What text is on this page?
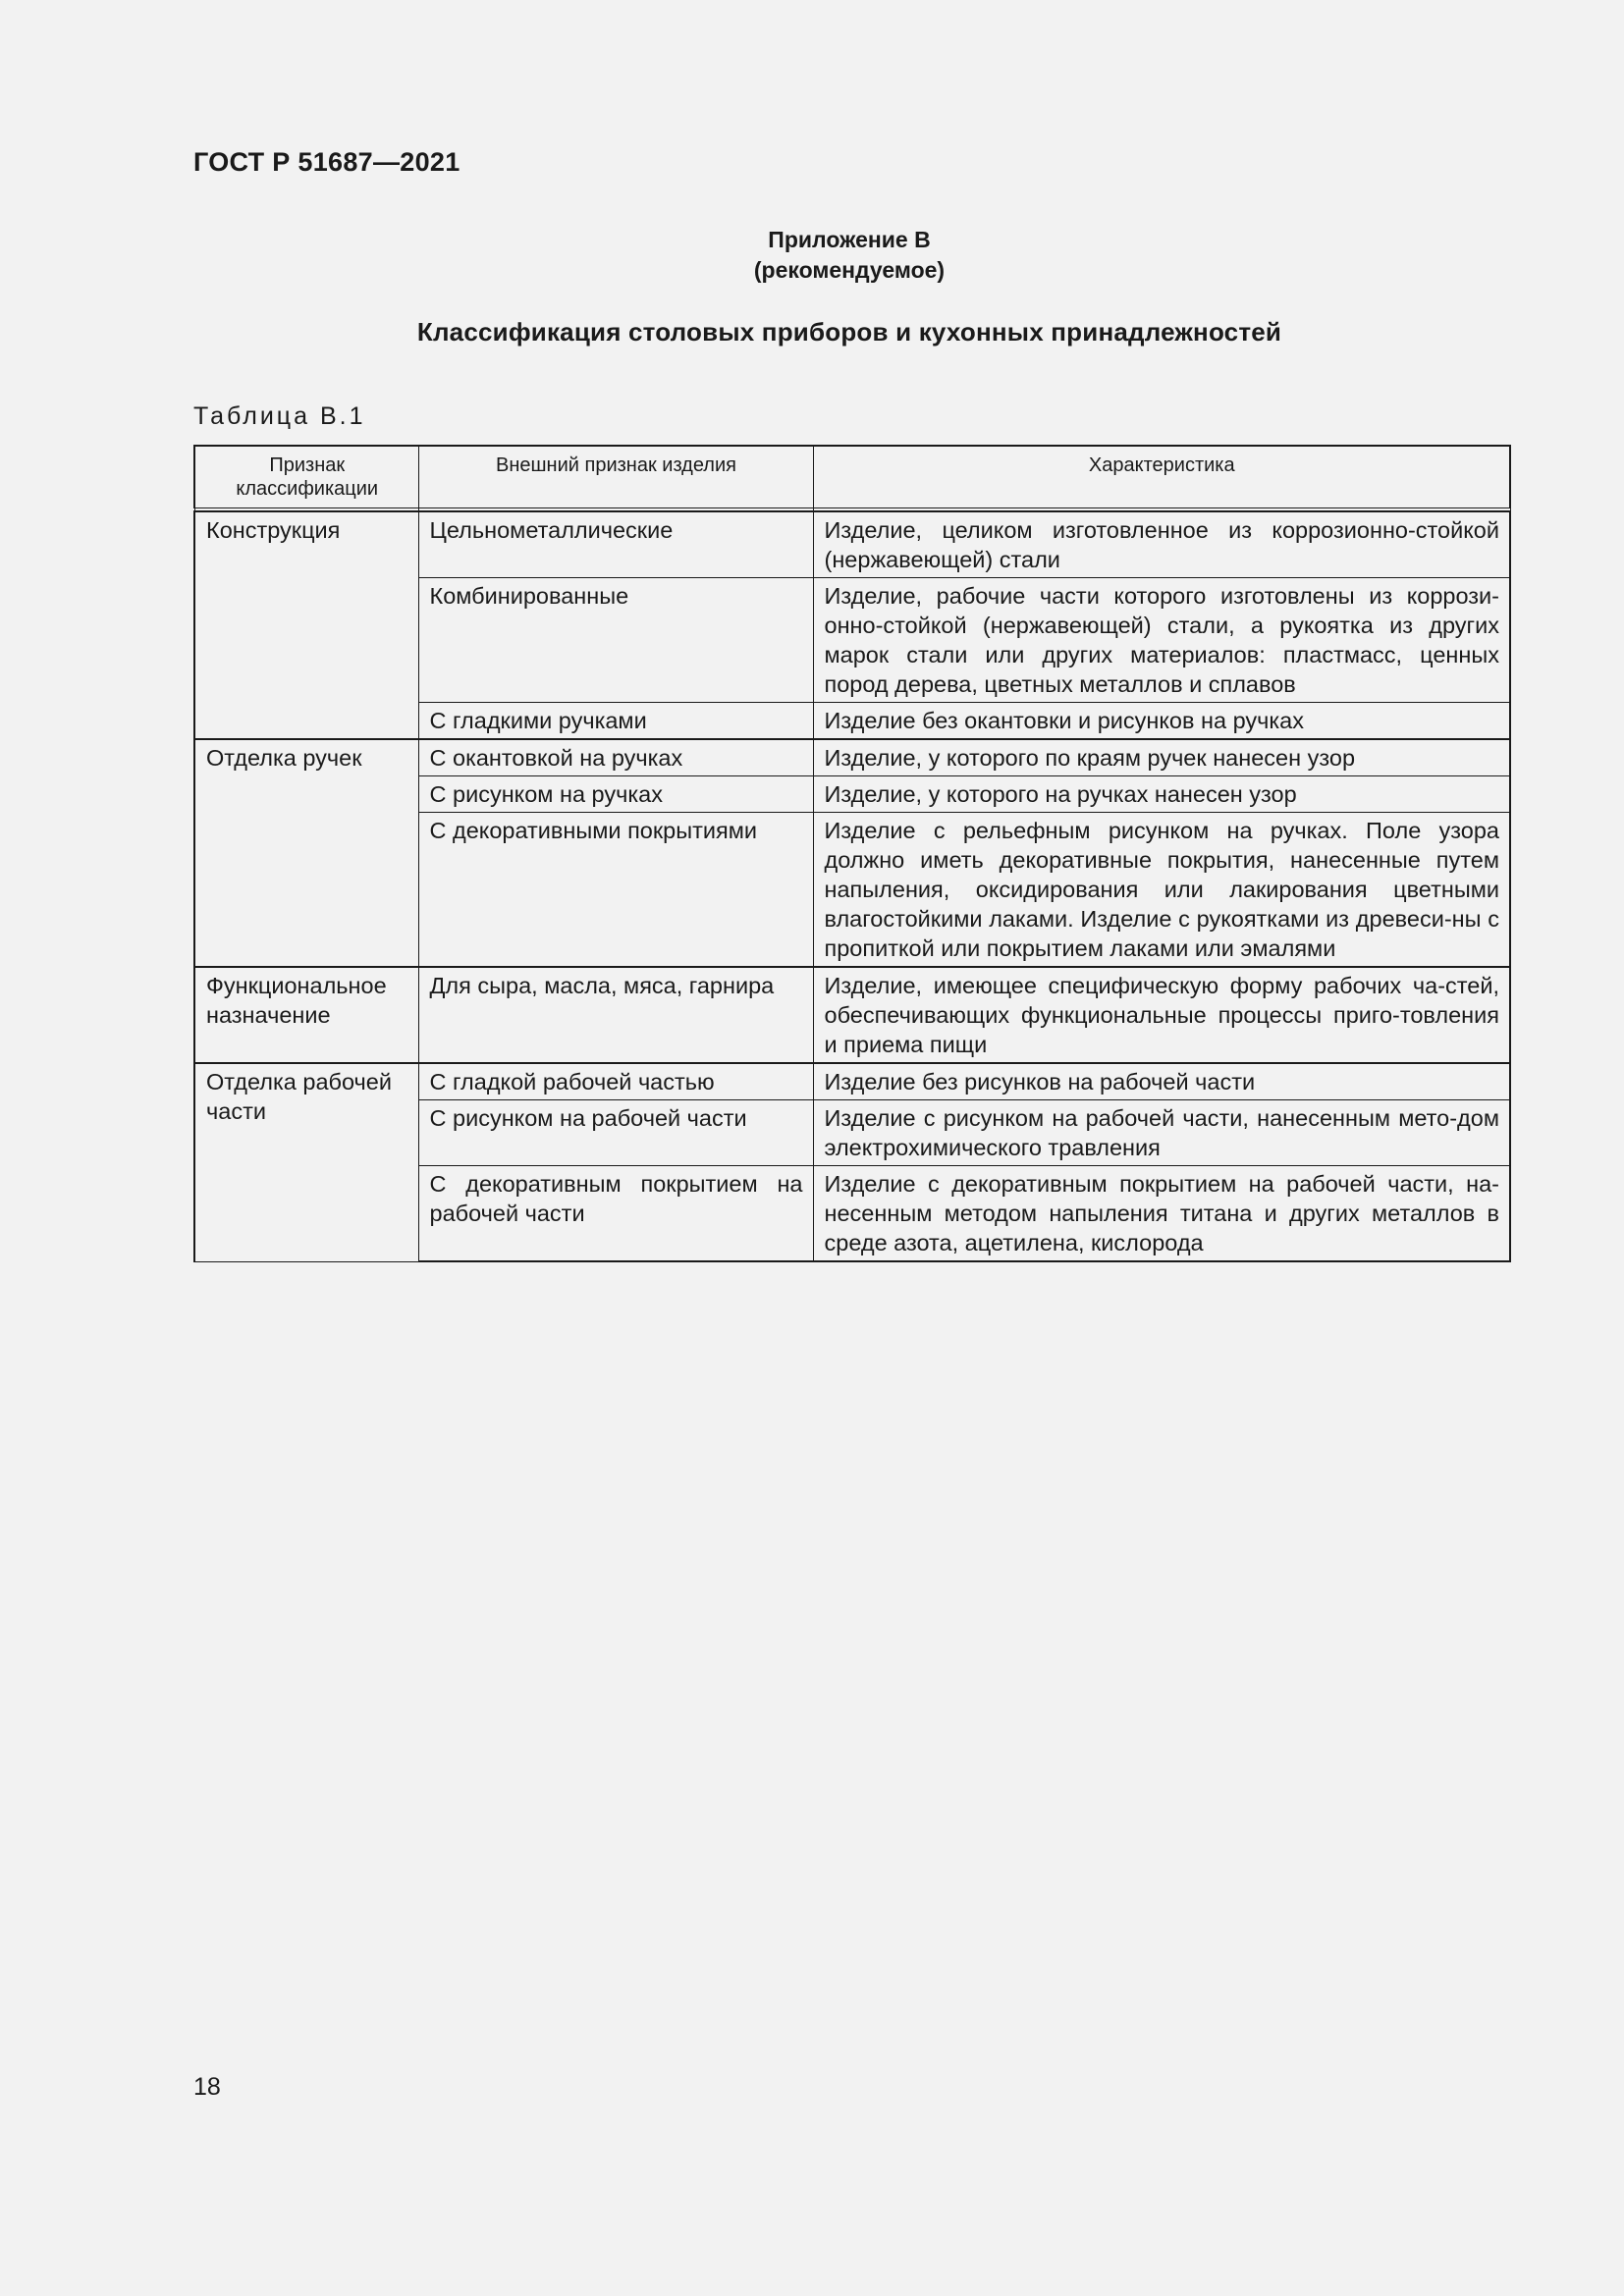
ГОСТ Р 51687—2021
Приложение В
(рекомендуемое)
Классификация столовых приборов и кухонных принадлежностей
Таблица В.1
Признак классификации	Внешний признак изделия	Характеристика

Конструкция	Цельнометаллические	Изделие, целиком изготовленное из коррозионно-стойкой (нержавеющей) стали
	Комбинированные	Изделие, рабочие части которого изготовлены из коррози-онно-стойкой (нержавеющей) стали, а рукоятка из других марок стали или других материалов: пластмасс, ценных пород дерева, цветных металлов и сплавов
	С гладкими ручками	Изделие без окантовки и рисунков на ручках
Отделка ручек	С окантовкой на ручках	Изделие, у которого по краям ручек нанесен узор
	С рисунком на ручках	Изделие, у которого на ручках нанесен узор
	С декоративными покрытиями	Изделие с рельефным рисунком на ручках. Поле узора должно иметь декоративные покрытия, нанесенные путем напыления, оксидирования или лакирования цветными влагостойкими лаками. Изделие с рукоятками из древеси-ны с пропиткой или покрытием лаками или эмалями
Функциональное назначение	Для сыра, масла, мяса, гарнира	Изделие, имеющее специфическую форму рабочих ча-стей, обеспечивающих функциональные процессы приго-товления и приема пищи
Отделка рабочей части	С гладкой рабочей частью	Изделие без рисунков на рабочей части
	С рисунком на рабочей части	Изделие с рисунком на рабочей части, нанесенным мето-дом электрохимического травления
	С декоративным покрытием на рабочей части	Изделие с декоративным покрытием на рабочей части, на-несенным методом напыления титана и других металлов в среде азота, ацетилена, кислорода
18
